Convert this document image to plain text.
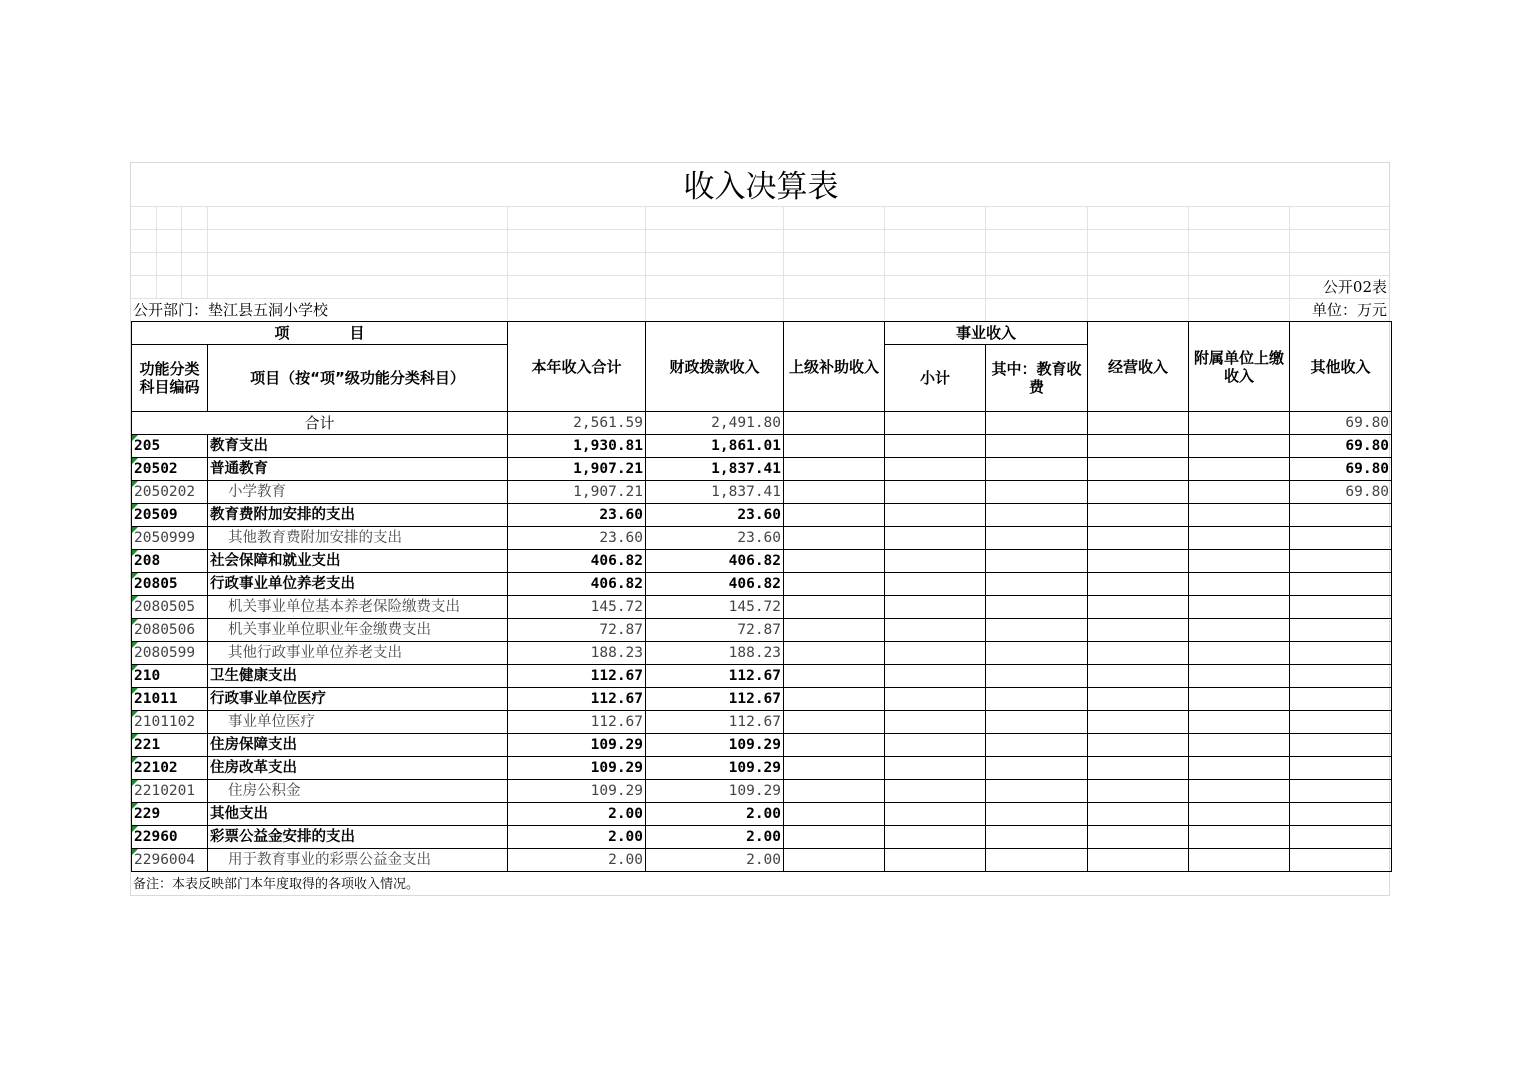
收入决算表
公开02表
公开部门：垫江县五洞小学校	单位：万元
项　　　　目		本年收入合计	财政拨款收入	上级补助收入	事业收入		经营收入	附属单位上缴收入	其他收入
功能分类科目编码	项目（按“项”级功能分类科目）				小计	其中：教育收费			
合计		2,561.59	2,491.80						69.80
205	教育支出	1,930.81	1,861.01						69.80
20502	普通教育	1,907.21	1,837.41						69.80
2050202	小学教育	1,907.21	1,837.41						69.80
20509	教育费附加安排的支出	23.60	23.60						
2050999	其他教育费附加安排的支出	23.60	23.60						
208	社会保障和就业支出	406.82	406.82						
20805	行政事业单位养老支出	406.82	406.82						
2080505	机关事业单位基本养老保险缴费支出	145.72	145.72						
2080506	机关事业单位职业年金缴费支出	72.87	72.87						
2080599	其他行政事业单位养老支出	188.23	188.23						
210	卫生健康支出	112.67	112.67						
21011	行政事业单位医疗	112.67	112.67						
2101102	事业单位医疗	112.67	112.67						
221	住房保障支出	109.29	109.29						
22102	住房改革支出	109.29	109.29						
2210201	住房公积金	109.29	109.29						
229	其他支出	2.00	2.00						
22960	彩票公益金安排的支出	2.00	2.00						
2296004	用于教育事业的彩票公益金支出	2.00	2.00						
备注：本表反映部门本年度取得的各项收入情况。
